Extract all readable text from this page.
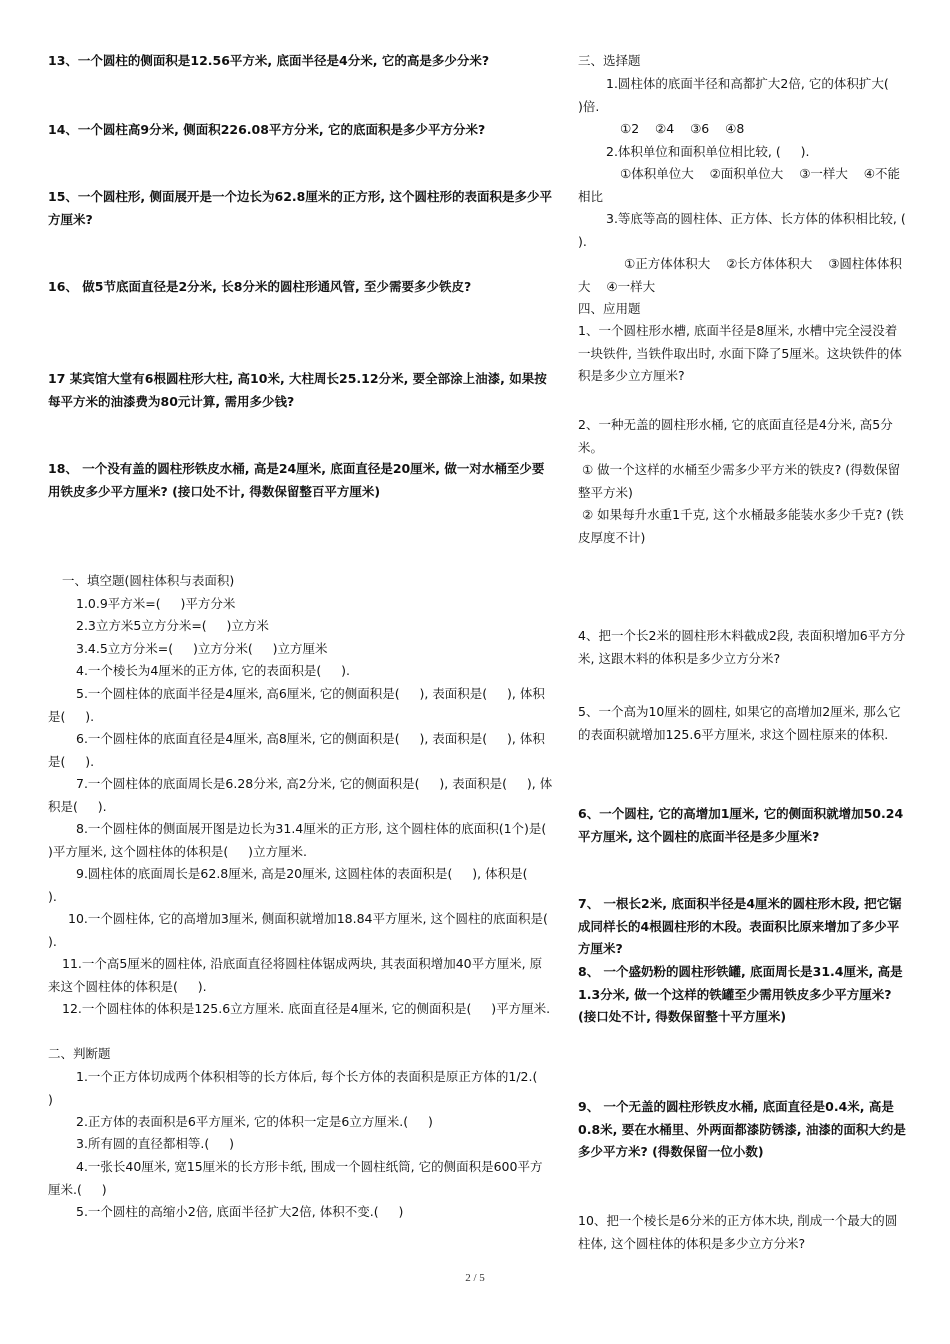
13、一个圆柱的侧面积是12.56平方米, 底面半径是4分米, 它的高是多少分米?
14、一个圆柱高9分米, 侧面积226.08平方分米, 它的底面积是多少平方分米?
15、一个圆柱形, 侧面展开是一个边长为62.8厘米的正方形, 这个圆柱形的表面积是多少平方厘米?
16、 做5节底面直径是2分米, 长8分米的圆柱形通风管, 至少需要多少铁皮?
17 某宾馆大堂有6根圆柱形大柱, 高10米, 大柱周长25.12分米, 要全部涂上油漆, 如果按每平方米的油漆费为80元计算, 需用多少钱?
18、 一个没有盖的圆柱形铁皮水桶, 高是24厘米, 底面直径是20厘米, 做一对水桶至少要用铁皮多少平方厘米? (接口处不计, 得数保留整百平方厘米)
一、填空题(圆柱体积与表面积)
1.0.9平方米=(     )平方分米
2.3立方米5立方分米=(     )立方米
3.4.5立方分米=(     )立方分米(     )立方厘米
4.一个棱长为4厘米的正方体, 它的表面积是(     ).
5.一个圆柱体的底面半径是4厘米, 高6厘米, 它的侧面积是(     ), 表面积是(     ), 体积是(     ).
6.一个圆柱体的底面直径是4厘米, 高8厘米, 它的侧面积是(     ), 表面积是(     ), 体积是(     ).
7.一个圆柱体的底面周长是6.28分米, 高2分米, 它的侧面积是(     ), 表面积是(     ), 体积是(     ).
8.一个圆柱体的侧面展开图是边长为31.4厘米的正方形, 这个圆柱体的底面积(1个)是(     )平方厘米, 这个圆柱体的体积是(     )立方厘米.
9.圆柱体的底面周长是62.8厘米, 高是20厘米, 这圆柱体的表面积是(     ), 体积是(     ).
10.一个圆柱体, 它的高增加3厘米, 侧面积就增加18.84平方厘米, 这个圆柱的底面积是(     ).
11.一个高5厘米的圆柱体, 沿底面直径将圆柱体锯成两块, 其表面积增加40平方厘米, 原来这个圆柱体的体积是(     ).
12.一个圆柱体的体积是125.6立方厘米. 底面直径是4厘米, 它的侧面积是(     )平方厘米.
二、判断题
1.一个正方体切成两个体积相等的长方体后, 每个长方体的表面积是原正方体的1/2.(     )
2.正方体的表面积是6平方厘米, 它的体积一定是6立方厘米.(     )
3.所有圆的直径都相等.(     )
4.一张长40厘米, 宽15厘米的长方形卡纸, 围成一个圆柱纸筒, 它的侧面积是600平方厘米.(     )
5.一个圆柱的高缩小2倍, 底面半径扩大2倍, 体积不变.(     )
三、选择题
1.圆柱体的底面半径和高都扩大2倍, 它的体积扩大(     )倍.
①2    ②4    ③6    ④8
2.体积单位和面积单位相比较, (     ).
①体积单位大    ②面积单位大    ③一样大    ④不能相比
3.等底等高的圆柱体、正方体、长方体的体积相比较, (     ).
①正方体体积大    ②长方体体积大    ③圆柱体体积大    ④一样大
四、应用题
1、一个圆柱形水槽, 底面半径是8厘米, 水槽中完全浸没着一块铁件, 当铁件取出时, 水面下降了5厘米。这块铁件的体积是多少立方厘米?
2、一种无盖的圆柱形水桶, 它的底面直径是4分米, 高5分米。
① 做一个这样的水桶至少需多少平方米的铁皮? (得数保留整平方米)
② 如果每升水重1千克, 这个水桶最多能装水多少千克? (铁皮厚度不计)
4、把一个长2米的圆柱形木料截成2段, 表面积增加6平方分米, 这跟木料的体积是多少立方分米?
5、一个高为10厘米的圆柱, 如果它的高增加2厘米, 那么它的表面积就增加125.6平方厘米, 求这个圆柱原来的体积.
6、一个圆柱, 它的高增加1厘米, 它的侧面积就增加50.24平方厘米, 这个圆柱的底面半径是多少厘米?
7、 一根长2米, 底面积半径是4厘米的圆柱形木段, 把它锯成同样长的4根圆柱形的木段。表面积比原来增加了多少平方厘米?
8、 一个盛奶粉的圆柱形铁罐, 底面周长是31.4厘米, 高是1.3分米, 做一个这样的铁罐至少需用铁皮多少平方厘米? (接口处不计, 得数保留整十平方厘米)
9、 一个无盖的圆柱形铁皮水桶, 底面直径是0.4米, 高是0.8米, 要在水桶里、外两面都漆防锈漆, 油漆的面积大约是多少平方米? (得数保留一位小数)
10、把一个棱长是6分米的正方体木块, 削成一个最大的圆柱体, 这个圆柱体的体积是多少立方分米?
2 / 5
